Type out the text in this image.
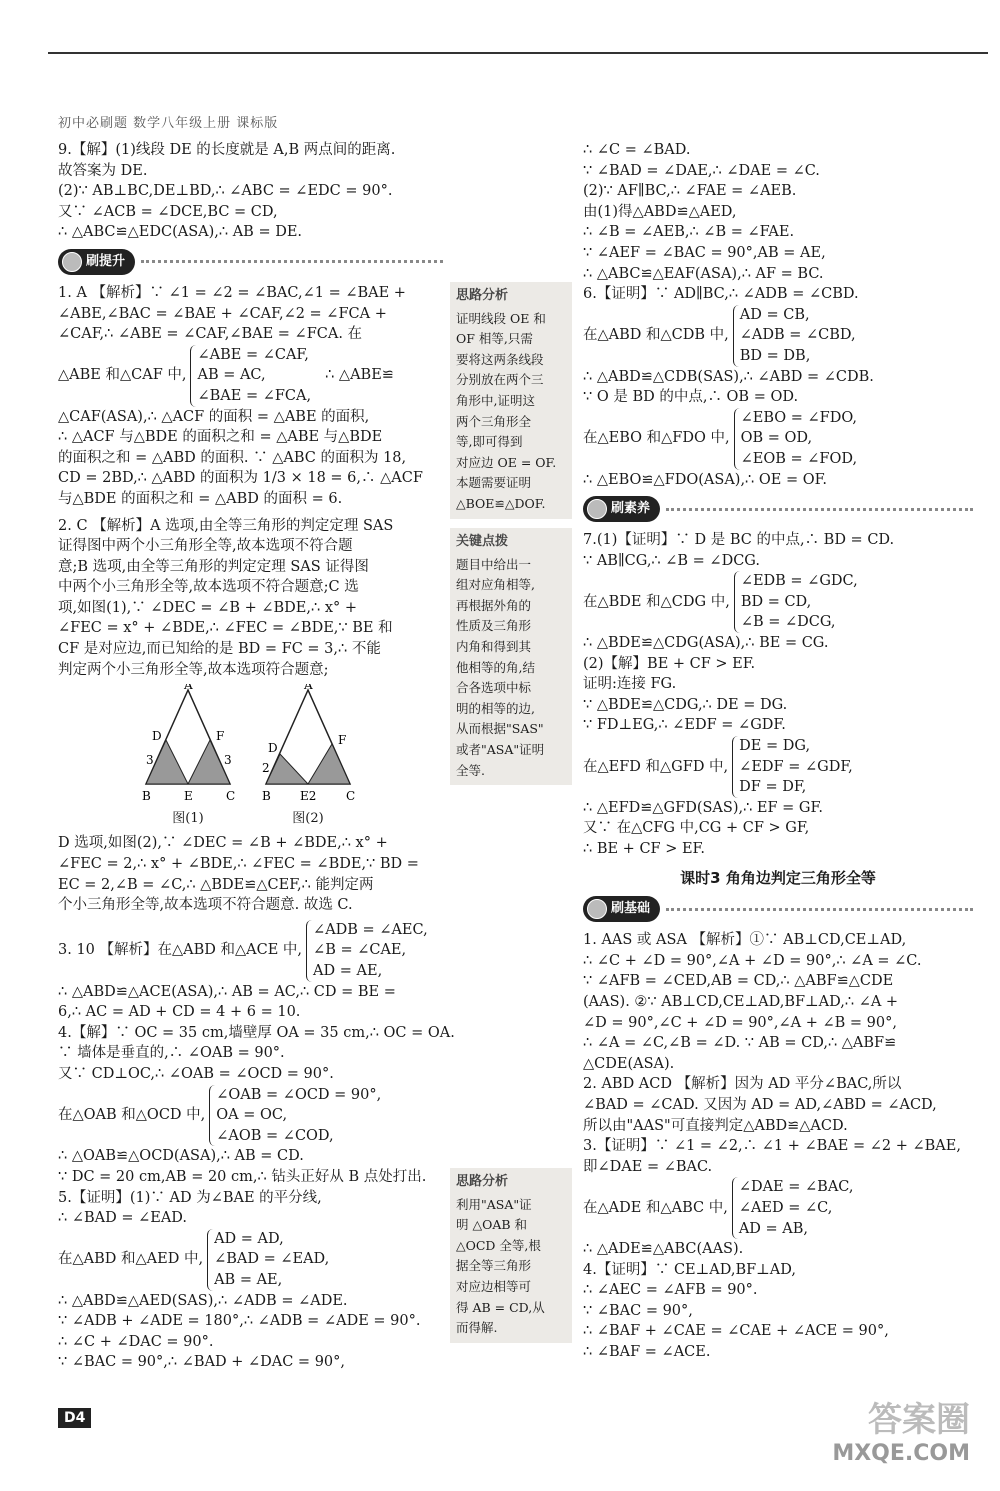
初中必刷题 数学八年级上册 课标版

9.【解】(1)线段 DE 的长度就是 A,B 两点间的距离.

故答案为 DE.

(2)∵ AB⊥BC,DE⊥BD,∴ ∠ABC = ∠EDC = 90°.

又∵ ∠ACB = ∠DCE,BC = CD,

∴ △ABC≌△EDC(ASA),∴ AB = DE.

刷提升

1. A 【解析】∵ ∠1 = ∠2 = ∠BAC,∠1 = ∠BAE +

∠ABE,∠BAC = ∠BAE + ∠CAF,∠2 = ∠FCA +

∠CAF,∴ ∠ABE = ∠CAF,∠BAE = ∠FCA. 在

△ABE 和△CAF 中,

∠ABE = ∠CAF,

AB = AC,

∠BAE = ∠FCA,

∴ △ABE≌

△CAF(ASA),∴ △ACF 的面积 = △ABE 的面积,

∴ △ACF 与△BDE 的面积之和 = △ABE 与△BDE

的面积之和 = △ABD 的面积. ∵ △ABC 的面积为 18,

CD = 2BD,∴ △ABD 的面积为 1/3 × 18 = 6,∴ △ACF

与△BDE 的面积之和 = △ABD 的面积 = 6.

2. C 【解析】A 选项,由全等三角形的判定定理 SAS

证得图中两个小三角形全等,故本选项不符合题

意;B 选项,由全等三角形的判定定理 SAS 证得图

中两个小三角形全等,故本选项不符合题意;C 选

项,如图(1),∵ ∠DEC = ∠B + ∠BDE,∴ x° +

∠FEC = x° + ∠BDE,∴ ∠FEC = ∠BDE,∵ BE 和

CF 是对应边,而已知给的是 BD = FC = 3,∴ 不能

判定两个小三角形全等,故本选项符合题意;

A
D	F
B	E	C
3	3
图(1)
A
D
F
B E2 C
2
图(2)

D 选项,如图(2),∵ ∠DEC = ∠B + ∠BDE,∴ x° +

∠FEC = 2,∴ x° + ∠BDE,∴ ∠FEC = ∠BDE,∵ BD =

EC = 2,∠B = ∠C,∴ △BDE≌△CEF,∴ 能判定两

个小三角形全等,故本选项不符合题意. 故选 C.

3. 10 【解析】在△ABD 和△ACE 中,

∠ADB = ∠AEC,

∠B = ∠CAE,

AD = AE,

∴ △ABD≌△ACE(ASA),∴ AB = AC,∴ CD = BE =

6,∴ AC = AD + CD = 4 + 6 = 10.

4.【解】∵ OC = 35 cm,墙壁厚 OA = 35 cm,∴ OC = OA.

∵ 墙体是垂直的,∴ ∠OAB = 90°.

又∵ CD⊥OC,∴ ∠OAB = ∠OCD = 90°.

在△OAB 和△OCD 中,

∠OAB = ∠OCD = 90°,

OA = OC,

∠AOB = ∠COD,

∴ △OAB≌△OCD(ASA),∴ AB = CD.

∵ DC = 20 cm,AB = 20 cm,∴ 钻头正好从 B 点处打出.

5.【证明】(1)∵ AD 为∠BAE 的平分线,

∴ ∠BAD = ∠EAD.

在△ABD 和△AED 中,

AD = AD,

∠BAD = ∠EAD,

AB = AE,

∴ △ABD≌△AED(SAS),∴ ∠ADB = ∠ADE.

∵ ∠ADB + ∠ADE = 180°,∴ ∠ADB = ∠ADE = 90°.

∴ ∠C + ∠DAC = 90°.

∵ ∠BAC = 90°,∴ ∠BAD + ∠DAC = 90°,

思路分析

证明线段 OE 和

OF 相等,只需

要将这两条线段

分别放在两个三

角形中,证明这

两个三角形全

等,即可得到

对应边 OE = OF.

本题需要证明

△BOE≌△DOF.

关键点拨

题目中给出一

组对应角相等,

再根据外角的

性质及三角形

内角和得到其

他相等的角,结

合各选项中标

明的相等的边,

从而根据"SAS"

或者"ASA"证明

全等.

思路分析

利用"ASA"证

明 △OAB 和

△OCD 全等,根

据全等三角形

对应边相等可

得 AB = CD,从

而得解.

∴ ∠C = ∠BAD.

∵ ∠BAD = ∠DAE,∴ ∠DAE = ∠C.

(2)∵ AF∥BC,∴ ∠FAE = ∠AEB.

由(1)得△ABD≌△AED,

∴ ∠B = ∠AEB,∴ ∠B = ∠FAE.

∵ ∠AEF = ∠BAC = 90°,AB = AE,

∴ △ABC≌△EAF(ASA),∴ AF = BC.

6.【证明】∵ AD∥BC,∴ ∠ADB = ∠CBD.

在△ABD 和△CDB 中,

AD = CB,

∠ADB = ∠CBD,

BD = DB,

∴ △ABD≌△CDB(SAS),∴ ∠ABD = ∠CDB.

∵ O 是 BD 的中点,∴ OB = OD.

在△EBO 和△FDO 中,

∠EBO = ∠FDO,

OB = OD,

∠EOB = ∠FOD,

∴ △EBO≌△FDO(ASA),∴ OE = OF.

刷素养

7.(1)【证明】∵ D 是 BC 的中点,∴ BD = CD.

∵ AB∥CG,∴ ∠B = ∠DCG.

在△BDE 和△CDG 中,

∠EDB = ∠GDC,

BD = CD,

∠B = ∠DCG,

∴ △BDE≌△CDG(ASA),∴ BE = CG.

(2)【解】BE + CF > EF.

证明:连接 FG.

∵ △BDE≌△CDG,∴ DE = DG.

∵ FD⊥EG,∴ ∠EDF = ∠GDF.

在△EFD 和△GFD 中,

DE = DG,

∠EDF = ∠GDF,

DF = DF,

∴ △EFD≌△GFD(SAS),∴ EF = GF.

又∵ 在△CFG 中,CG + CF > GF,

∴ BE + CF > EF.

课时3 角角边判定三角形全等
刷基础

1. AAS 或 ASA 【解析】①∵ AB⊥CD,CE⊥AD,

∴ ∠C + ∠D = 90°,∠A + ∠D = 90°,∴ ∠A = ∠C.

∵ ∠AFB = ∠CED,AB = CD,∴ △ABF≌△CDE

(AAS). ②∵ AB⊥CD,CE⊥AD,BF⊥AD,∴ ∠A +

∠D = 90°,∠C + ∠D = 90°,∠A + ∠B = 90°,

∴ ∠A = ∠C,∠B = ∠D. ∵ AB = CD,∴ △ABF≌

△CDE(ASA).

2. ABD ACD 【解析】因为 AD 平分∠BAC,所以

∠BAD = ∠CAD. 又因为 AD = AD,∠ABD = ∠ACD,

所以由"AAS"可直接判定△ABD≌△ACD.

3.【证明】∵ ∠1 = ∠2,∴ ∠1 + ∠BAE = ∠2 + ∠BAE,

即∠DAE = ∠BAC.

在△ADE 和△ABC 中,

∠DAE = ∠BAC,

∠AED = ∠C,

AD = AB,

∴ △ADE≌△ABC(AAS).

4.【证明】∵ CE⊥AD,BF⊥AD,

∴ ∠AEC = ∠AFB = 90°.

∵ ∠BAC = 90°,

∴ ∠BAF + ∠CAE = ∠CAE + ∠ACE = 90°,

∴ ∠BAF = ∠ACE.

D4	答案圈
MXQE.COM
